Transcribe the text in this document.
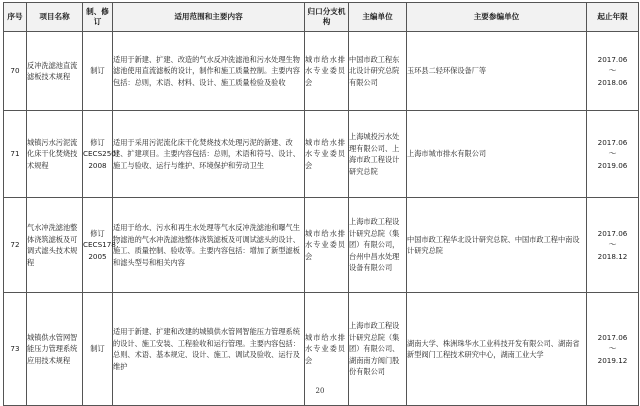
序号	项目名称	制、修订	适用范围和主要内容	归口分支机构	主编单位	主要参编单位	起止年限
70	反冲洗滤池直流滤板技术规程	制订	适用于新建、扩建、改造的气水反冲洗滤池和污水处理生物滤池使用直流滤板的设计，制作和施工质量控制。主要内容包括：总则，术语、材料、设计、施工质量检验及验收	城市给水排水专业委员会	中国市政工程东北设计研究总院有限公司	玉环县二轻环保设备厂等	2017.06
～
2018.06

71	城镇污水污泥流化床干化焚烧技术规程	修订 CECS250：2008	适用于采用污泥流化床干化焚烧技术处理污泥的新建、改建、扩建项目。主要内容包括：总则，术语和符号、设计、施工与验收、运行与维护、环境保护和劳动卫生	城市给水排水专业委员会	上海城投污水处理有限公司、上海市政工程设计研究总院	上海市城市排水有限公司	2017.06
～
2019.06

72	气水冲洗滤池整体浇筑滤板及可调式滤头技术规程	修订 CECS178：2005	适用于给水、污水和再生水处理等气水反冲洗滤池和曝气生物滤池的气水冲洗滤池整体浇筑滤板及可调试滤头的设计、施工、质量控制、验收等。主要内容包括：增加了新型滤板和滤头型号和相关内容	城市给水排水专业委员会	上海市政工程设计研究总院（集团）有限公司，台州中昌水处理设备有限公司	中国市政工程华北设计研究总院、中国市政工程中南设计研究总院	2017.06
～
2018.12

73	城镇供水管网智能压力管理系统应用技术规程	制订	适用于新建、扩建和改建的城镇供水管网智能压力管理系统的设计、施工安装、工程验收和运行管理。主要内容包括：总则、术语、基本规定、设计、施工、调试及验收、运行及维护	城市给水排水专业委员会	上海市政工程设计研究总院（集团）有限公司、湖南南方阀门股份有限公司	湖南大学、株洲珠华水工业科技开发有限公司、湖南省新型阀门工程技术研究中心，湖南工业大学	2017.06
～
2019.12
20
